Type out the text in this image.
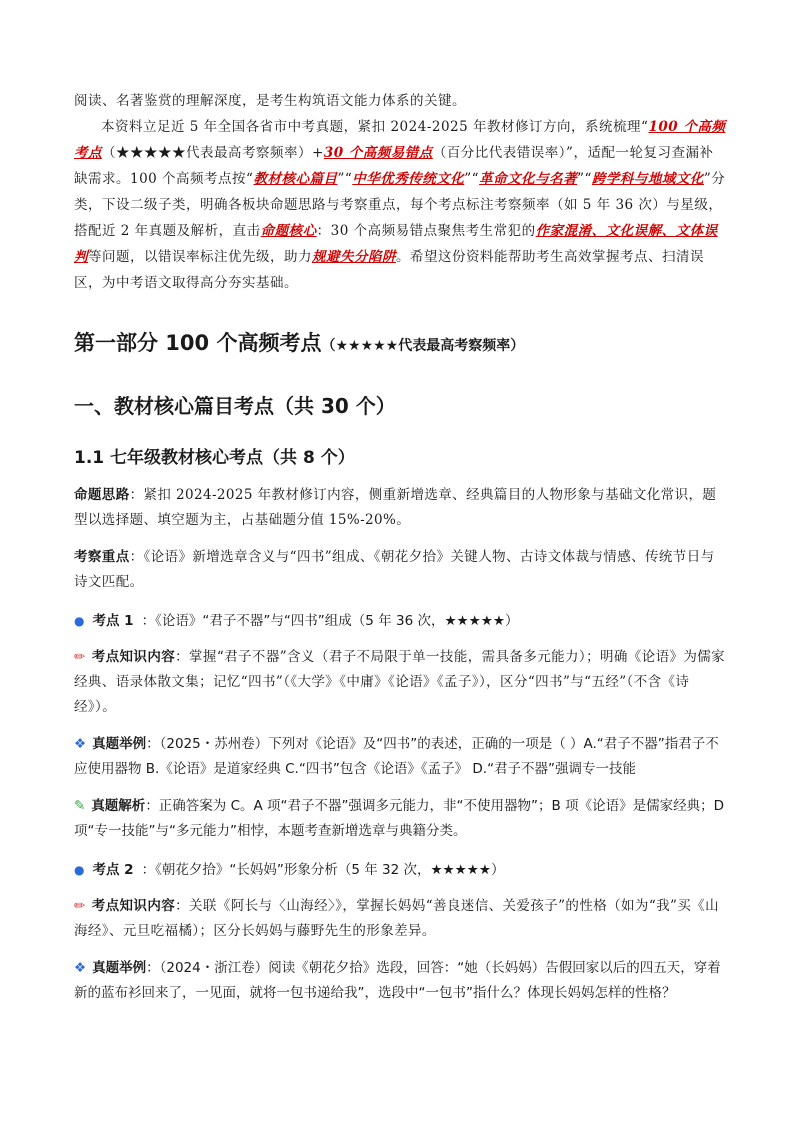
阅读、名著鉴赏的理解深度，是考生构筑语文能力体系的关键。

本资料立足近 5 年全国各省市中考真题，紧扣 2024-2025 年教材修订方向，系统梳理“100 个高频考点（★★★★★代表最高考察频率）+30 个高频易错点（百分比代表错误率）”，适配一轮复习查漏补缺需求。100 个高频考点按“教材核心篇目”“中华优秀传统文化”“革命文化与名著”“跨学科与地域文化”分类，下设二级子类，明确各板块命题思路与考察重点，每个考点标注考察频率（如 5 年 36 次）与星级，搭配近 2 年真题及解析，直击命题核心：30 个高频易错点聚焦考生常犯的作家混淆、文化误解、文体误判等问题，以错误率标注优先级，助力规避失分陷阱。希望这份资料能帮助考生高效掌握考点、扫清误区，为中考语文取得高分夯实基础。

第一部分 100 个高频考点（★★★★★代表最高考察频率）
一、教材核心篇目考点（共 30 个）
1.1 七年级教材核心考点（共 8 个）

命题思路：紧扣 2024-2025 年教材修订内容，侧重新增选章、经典篇目的人物形象与基础文化常识，题型以选择题、填空题为主，占基础题分值 15%-20%。

考察重点：《论语》新增选章含义与“四书”组成、《朝花夕拾》关键人物、古诗文体裁与情感、传统节日与诗文匹配。

● 考点 1 ：《论语》“君子不器”与“四书”组成（5 年 36 次，★★★★★）

✏ 考点知识内容：掌握“君子不器”含义（君子不局限于单一技能，需具备多元能力）；明确《论语》为儒家经典、语录体散文集；记忆“四书”（《大学》《中庸》《论语》《孟子》），区分“四书”与“五经”（不含《诗经》）。

❖ 真题举例：（2025・苏州卷）下列对《论语》及“四书”的表述，正确的一项是（ ）A.“君子不器”指君子不应使用器物 B.《论语》是道家经典 C.“四书”包含《论语》《孟子》 D.“君子不器”强调专一技能

✎ 真题解析：正确答案为 C。A 项“君子不器”强调多元能力，非“不使用器物”；B 项《论语》是儒家经典；D 项“专一技能”与“多元能力”相悖，本题考查新增选章与典籍分类。

● 考点 2 ：《朝花夕拾》“长妈妈”形象分析（5 年 32 次，★★★★★）

✏ 考点知识内容：关联《阿长与〈山海经〉》，掌握长妈妈“善良迷信、关爱孩子”的性格（如为“我”买《山海经》、元旦吃福橘）；区分长妈妈与藤野先生的形象差异。

❖ 真题举例：（2024・浙江卷）阅读《朝花夕拾》选段，回答：“她（长妈妈）告假回家以后的四五天，穿着新的蓝布衫回来了，一见面，就将一包书递给我”，选段中“一包书”指什么？体现长妈妈怎样的性格？
